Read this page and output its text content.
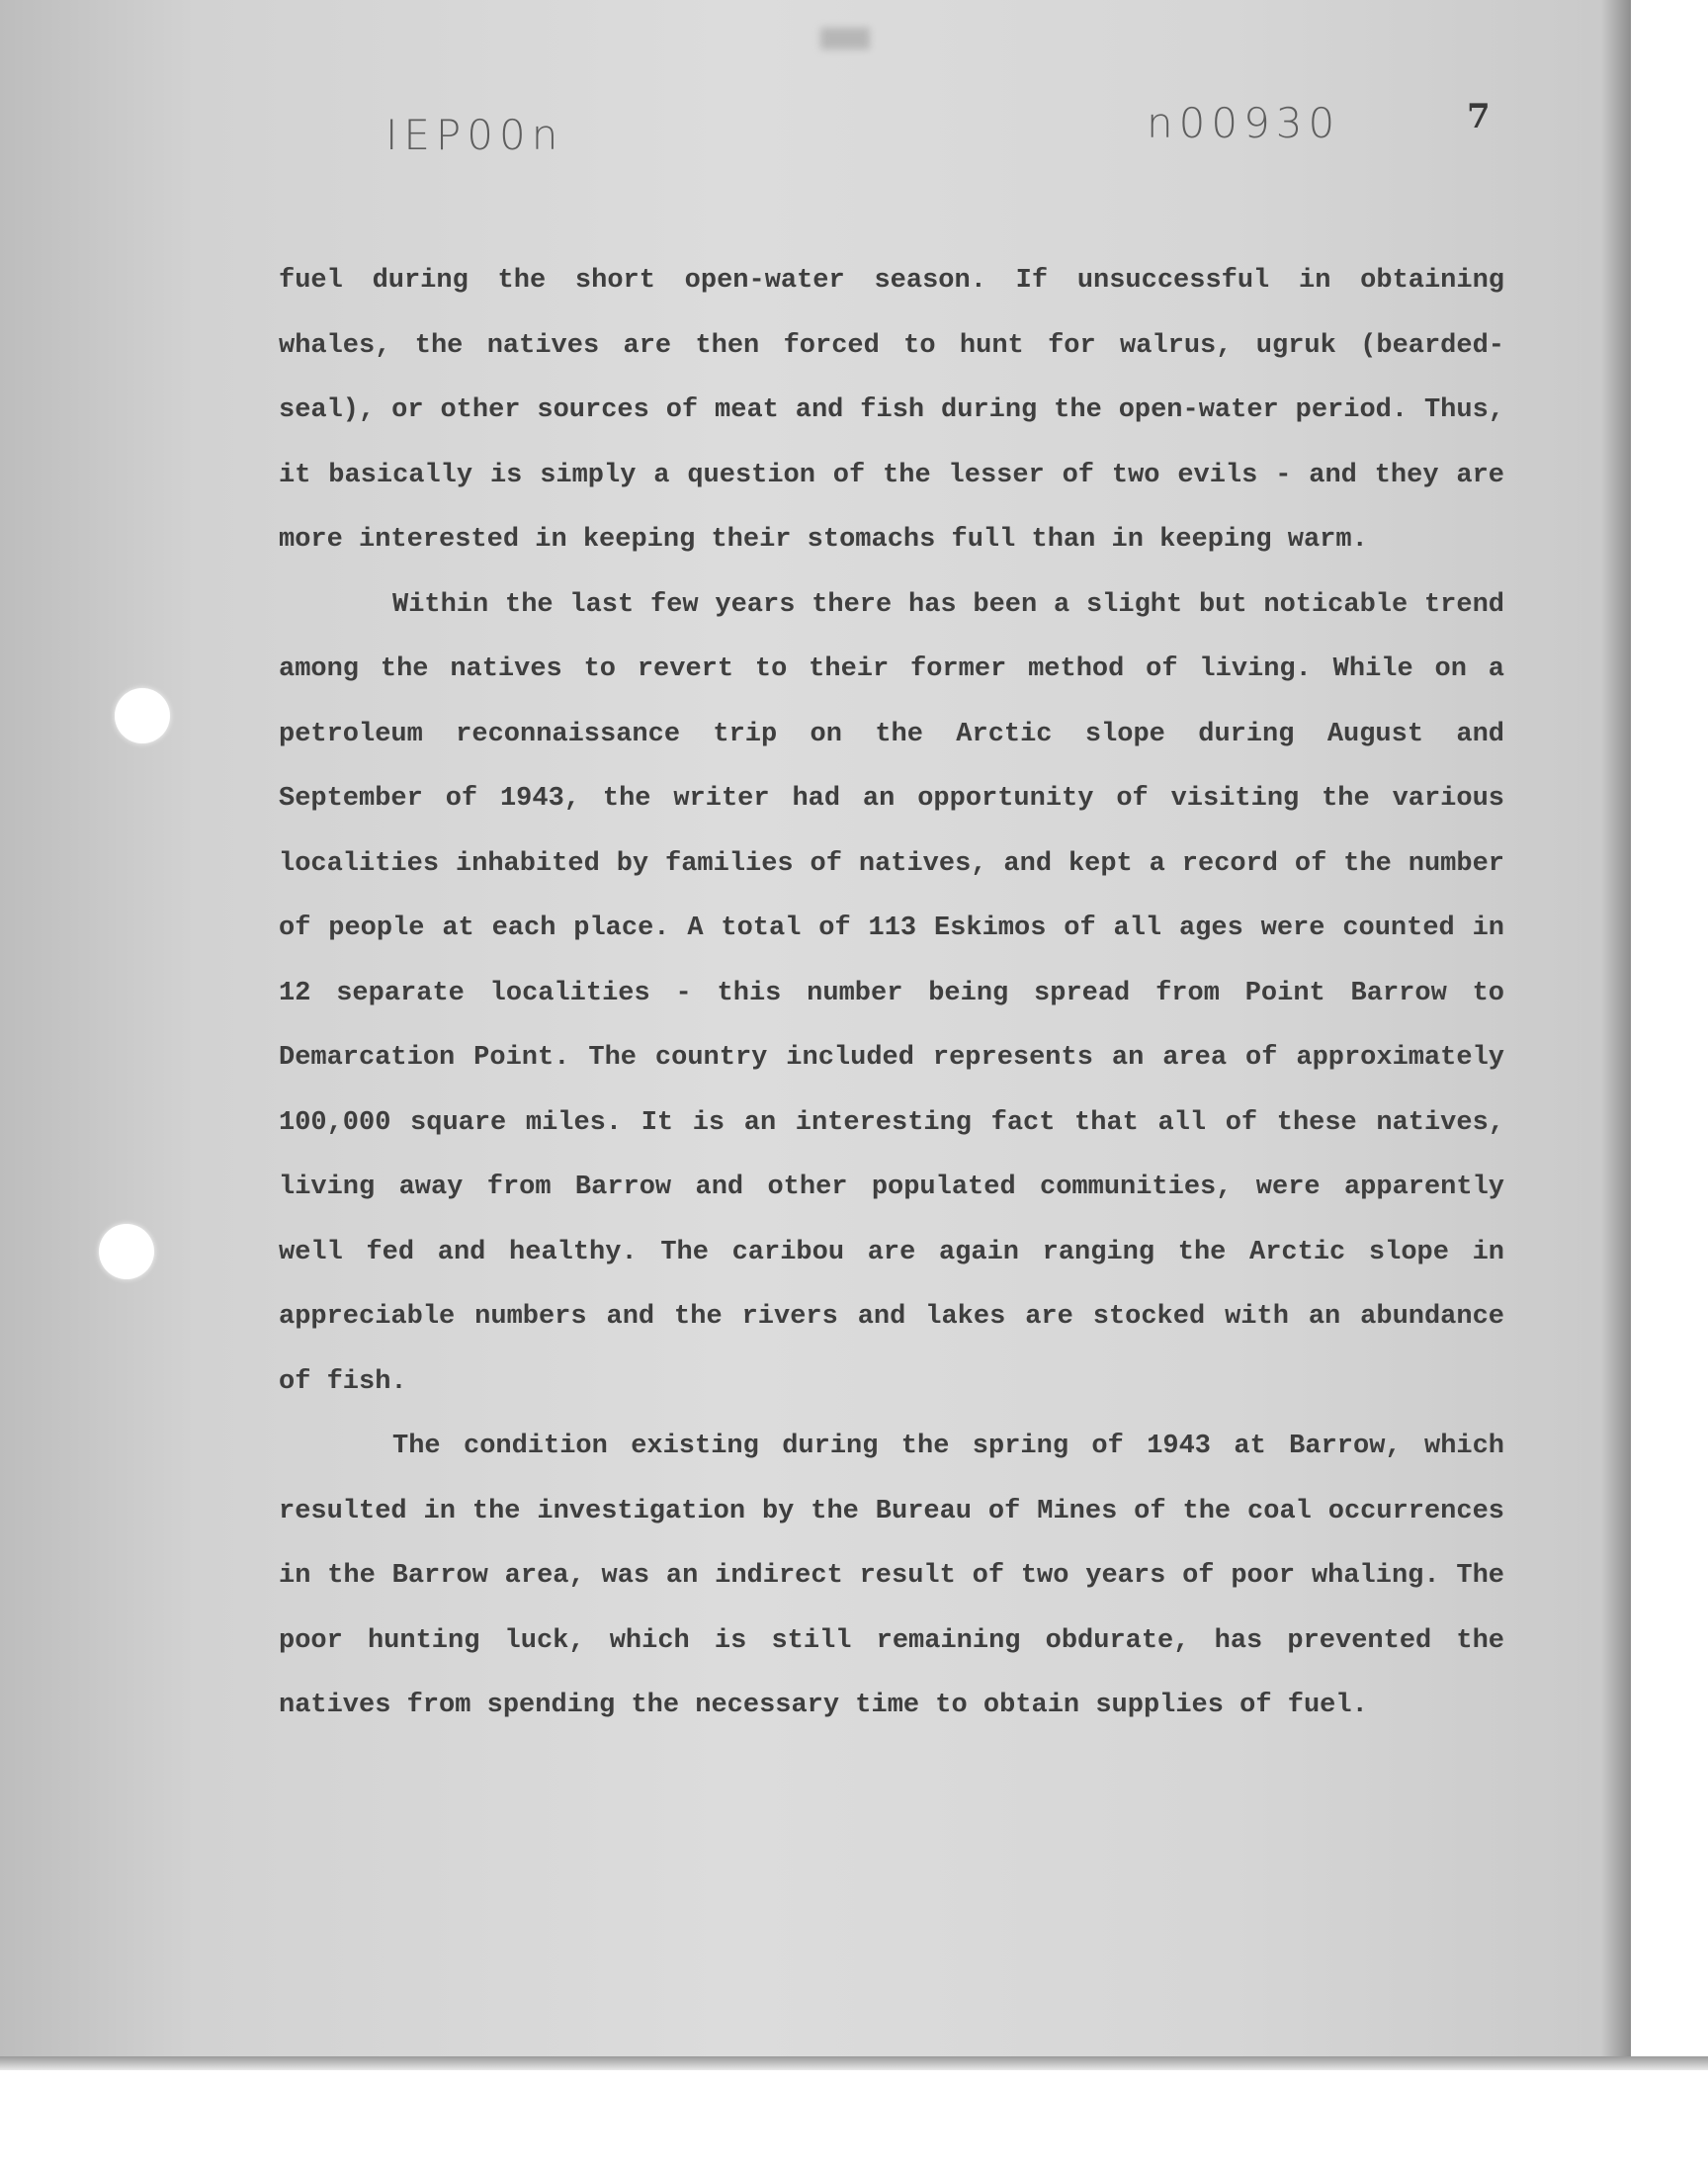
IEP00n	n00930	7

fuel during the short open-water season. If unsuccessful in obtaining whales, the natives are then forced to hunt for walrus, ugruk (bearded-seal), or other sources of meat and fish during the open-water period. Thus, it basically is simply a question of the lesser of two evils - and they are more interested in keeping their stomachs full than in keeping warm.

Within the last few years there has been a slight but noticable trend among the natives to revert to their former method of living. While on a petroleum reconnaissance trip on the Arctic slope during August and September of 1943, the writer had an opportunity of visiting the various localities inhabited by families of natives, and kept a record of the number of people at each place. A total of 113 Eskimos of all ages were counted in 12 separate localities - this number being spread from Point Barrow to Demarcation Point. The country included represents an area of approximately 100,000 square miles. It is an interesting fact that all of these natives, living away from Barrow and other populated communities, were apparently well fed and healthy. The caribou are again ranging the Arctic slope in appreciable numbers and the rivers and lakes are stocked with an abundance of fish.

The condition existing during the spring of 1943 at Barrow, which resulted in the investigation by the Bureau of Mines of the coal occurrences in the Barrow area, was an indirect result of two years of poor whaling. The poor hunting luck, which is still remaining obdurate, has prevented the natives from spending the necessary time to obtain supplies of fuel.
